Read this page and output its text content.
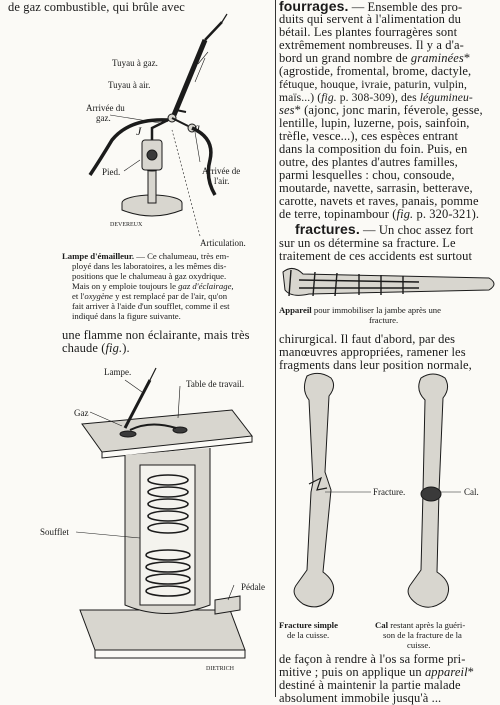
de gaz combustible, qui brûle avec
Tuyau à gaz.
Tuyau à air.
Arrivée du
gaz.
J	a
Pied.	Arrivée de
l'air.
Articulation.
DEVEREUX
Lampe d'émailleur. — Ce chalumeau, très em-
ployé dans les laboratoires, a les mêmes dis-
positions que le chalumeau à gaz oxydrique.
Mais on y emploie toujours le gaz d'éclairage,
et l'oxygène y est remplacé par de l'air, qu'on
fait arriver à l'aide d'un soufflet, comme il est
indiqué dans la figure suivante.
une flamme non éclairante, mais très
chaude (fig.).
Lampe.
Table de travail.
Gaz
Soufflet
Pédale
DIETRICH
fourrages. — Ensemble des pro-
duits qui servent à l'alimentation du
bétail. Les plantes fourragères sont
extrêmement nombreuses. Il y a d'a-
bord un grand nombre de graminées*
(agrostide, fromental, brome, dactyle,
fétuque, houque, ivraie, paturin, vulpin,
maïs...) (fig. p. 308-309), des légumineu-
ses* (ajonc, jonc marin, féverole, gesse,
lentille, lupin, luzerne, pois, sainfoin,
trèfle, vesce...), ces espèces entrant
dans la composition du foin. Puis, en
outre, des plantes d'autres familles,
parmi lesquelles : chou, consoude,
moutarde, navette, sarrasin, betterave,
carotte, navets et raves, panais, pomme
de terre, topinambour (fig. p. 320-321).
fractures. — Un choc assez fort
sur un os détermine sa fracture. Le
traitement de ces accidents est surtout
Appareil pour immobiliser la jambe après une
fracture.
chirurgical. Il faut d'abord, par des
manœuvres appropriées, ramener les
fragments dans leur position normale,
Fracture.	Cal.
Fracture simple
de la cuisse.
Cal restant après la guéri-
son de la fracture de la
cuisse.
de façon à rendre à l'os sa forme pri-
mitive ; puis on applique un appareil*
destiné à maintenir la partie malade
absolument immobile jusqu'à ...
